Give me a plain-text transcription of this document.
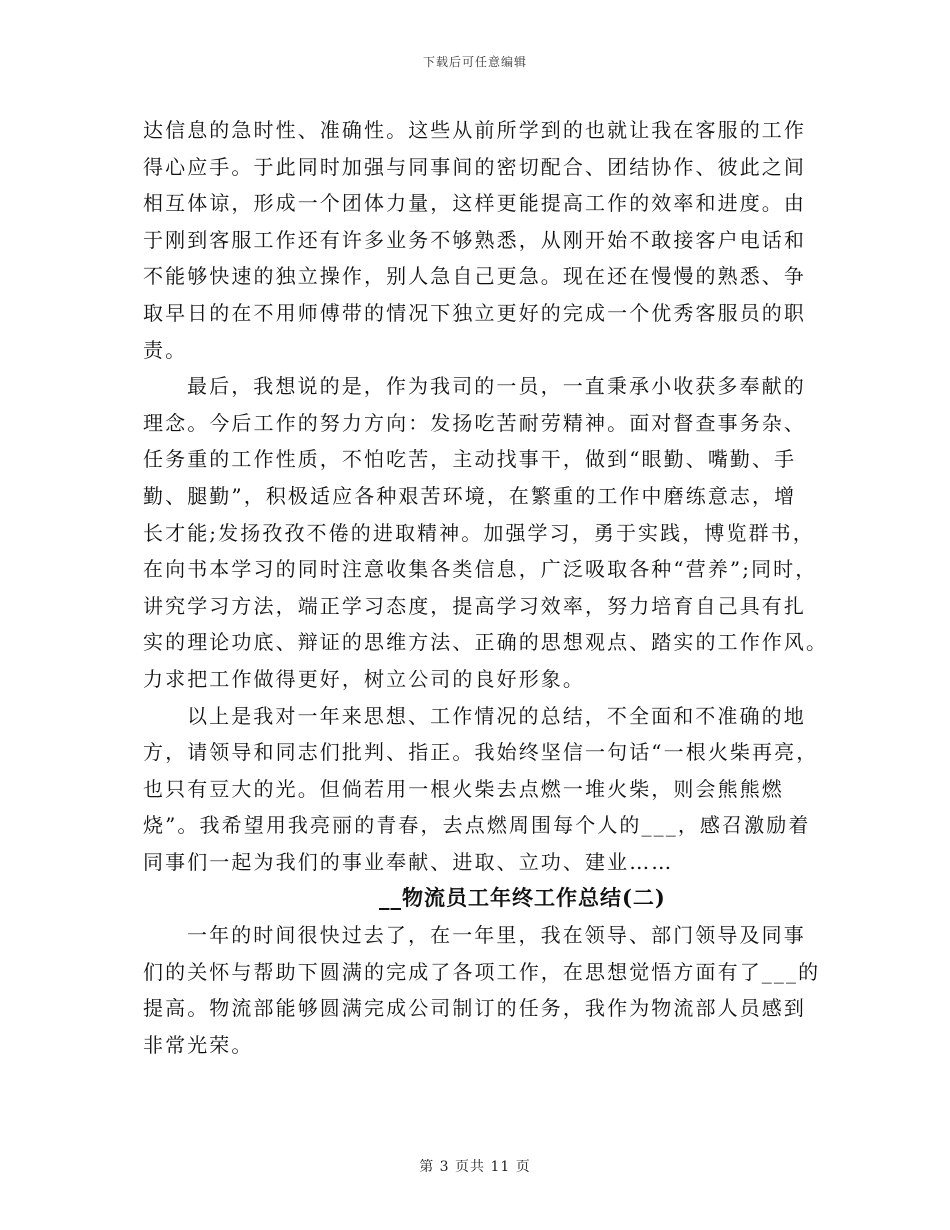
下载后可任意编辑
达信息的急时性、准确性。这些从前所学到的也就让我在客服的工作
得心应手。于此同时加强与同事间的密切配合、团结协作、彼此之间
相互体谅，形成一个团体力量，这样更能提高工作的效率和进度。由
于刚到客服工作还有许多业务不够熟悉，从刚开始不敢接客户电话和
不能够快速的独立操作，别人急自己更急。现在还在慢慢的熟悉、争
取早日的在不用师傅带的情况下独立更好的完成一个优秀客服员的职
责。
最后，我想说的是，作为我司的一员，一直秉承小收获多奉献的
理念。今后工作的努力方向：发扬吃苦耐劳精神。面对督查事务杂、
任务重的工作性质，不怕吃苦，主动找事干，做到“眼勤、嘴勤、手
勤、腿勤”，积极适应各种艰苦环境，在繁重的工作中磨练意志，增
长才能;发扬孜孜不倦的进取精神。加强学习，勇于实践，博览群书，
在向书本学习的同时注意收集各类信息，广泛吸取各种“营养”;同时，
讲究学习方法，端正学习态度，提高学习效率，努力培育自己具有扎
实的理论功底、辩证的思维方法、正确的思想观点、踏实的工作作风。
力求把工作做得更好，树立公司的良好形象。
以上是我对一年来思想、工作情况的总结，不全面和不准确的地
方，请领导和同志们批判、指正。我始终坚信一句话“一根火柴再亮，
也只有豆大的光。但倘若用一根火柴去点燃一堆火柴，则会熊熊燃
烧”。我希望用我亮丽的青春，去点燃周围每个人的___，感召激励着
同事们一起为我们的事业奉献、进取、立功、建业……
__物流员工年终工作总结(二)
一年的时间很快过去了，在一年里，我在领导、部门领导及同事
们的关怀与帮助下圆满的完成了各项工作，在思想觉悟方面有了___的
提高。物流部能够圆满完成公司制订的任务，我作为物流部人员感到
非常光荣。
第 3 页共 11 页
